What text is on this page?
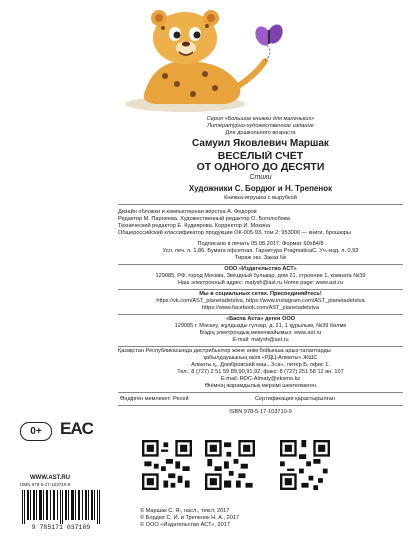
Серия «Большие книжки для маленьких»
Литературно-художественное издание
Для дошкольного возраста
Самуил Яковлевич Маршак
ВЕСЁЛЫЙ СЧЁТ
ОТ ОДНОГО ДО ДЕСЯТИ
Стихи
Художники С. Бордюг и Н. Трепенок
Книжка-игрушка с вырубкой
Дизайн обложки и компьютерная вёрстка А. Федоров
Редактор М. Парнеева. Художественный редактор О. Боголюбова
Технический редактор Е. Кудиярова. Корректор И. Мокина
Общероссийский классификатор продукции ОК-005-93, том 2; 953000 — книги, брошюры
Подписано в печать 05.08.2017. Формат 60x84/8
Усл. печ. л. 1,86. Бумага офсетная. Гарнитура PragmaticaC. Уч.-изд. л. 0,93
Тираж экз. Заказ №
ООО «Издательство АСТ»
129085, РФ, город Москва, Звёздный бульвар, дом 21, строение 1, комната №39
Наш электронный адрес: malysh@ast.ru Home page: www.ast.ru
Мы в социальных сетях. Присоединяйтесь!
https://vk.com/AST_planetadetstva, https://www.instagram.com/AST_planetadetstva
https://www.facebook.com/AST_planetadetstva
«Баспа Аста» деген ООО
129085 г. Мәскеу, жұлдызды гүлзар, д. 21, 1 құрылым, №39 бөлме
Біздің электрондық мекенжайымыз: www.ast.ru
E-mail: malysh@ast.ru
Қазақстан Республикасында дистрибьютор және өнім бойынша арыз-талаптарды
қабылдаушының өкілі «РДЦ-Алматы» ЖШС
Алматы қ., Домбровский көш., 3«а», литер Б, офис 1.
Тел.: 8 (727) 2 51 59 89,90,91,92, факс: 8 (727) 251 58 12 вн. 107
E-mail: RDC-Almaty@eksmo.kz
Өнімнің жарамдылық мерзімі шектелмеген
Өндірген мемлекет: Ресей	Сертификация қарастырылған
ISBN 978-5-17-103710-9
0+	EAC
WWW.AST.RU
ISBN 978-5-17-103710-9
9 785171 037109
© Маршак С. Я., насл., текст, 2017
© Бордюг С. И. и Трепенок Н. А., 2017
© ООО «Издательство АСТ», 2017
